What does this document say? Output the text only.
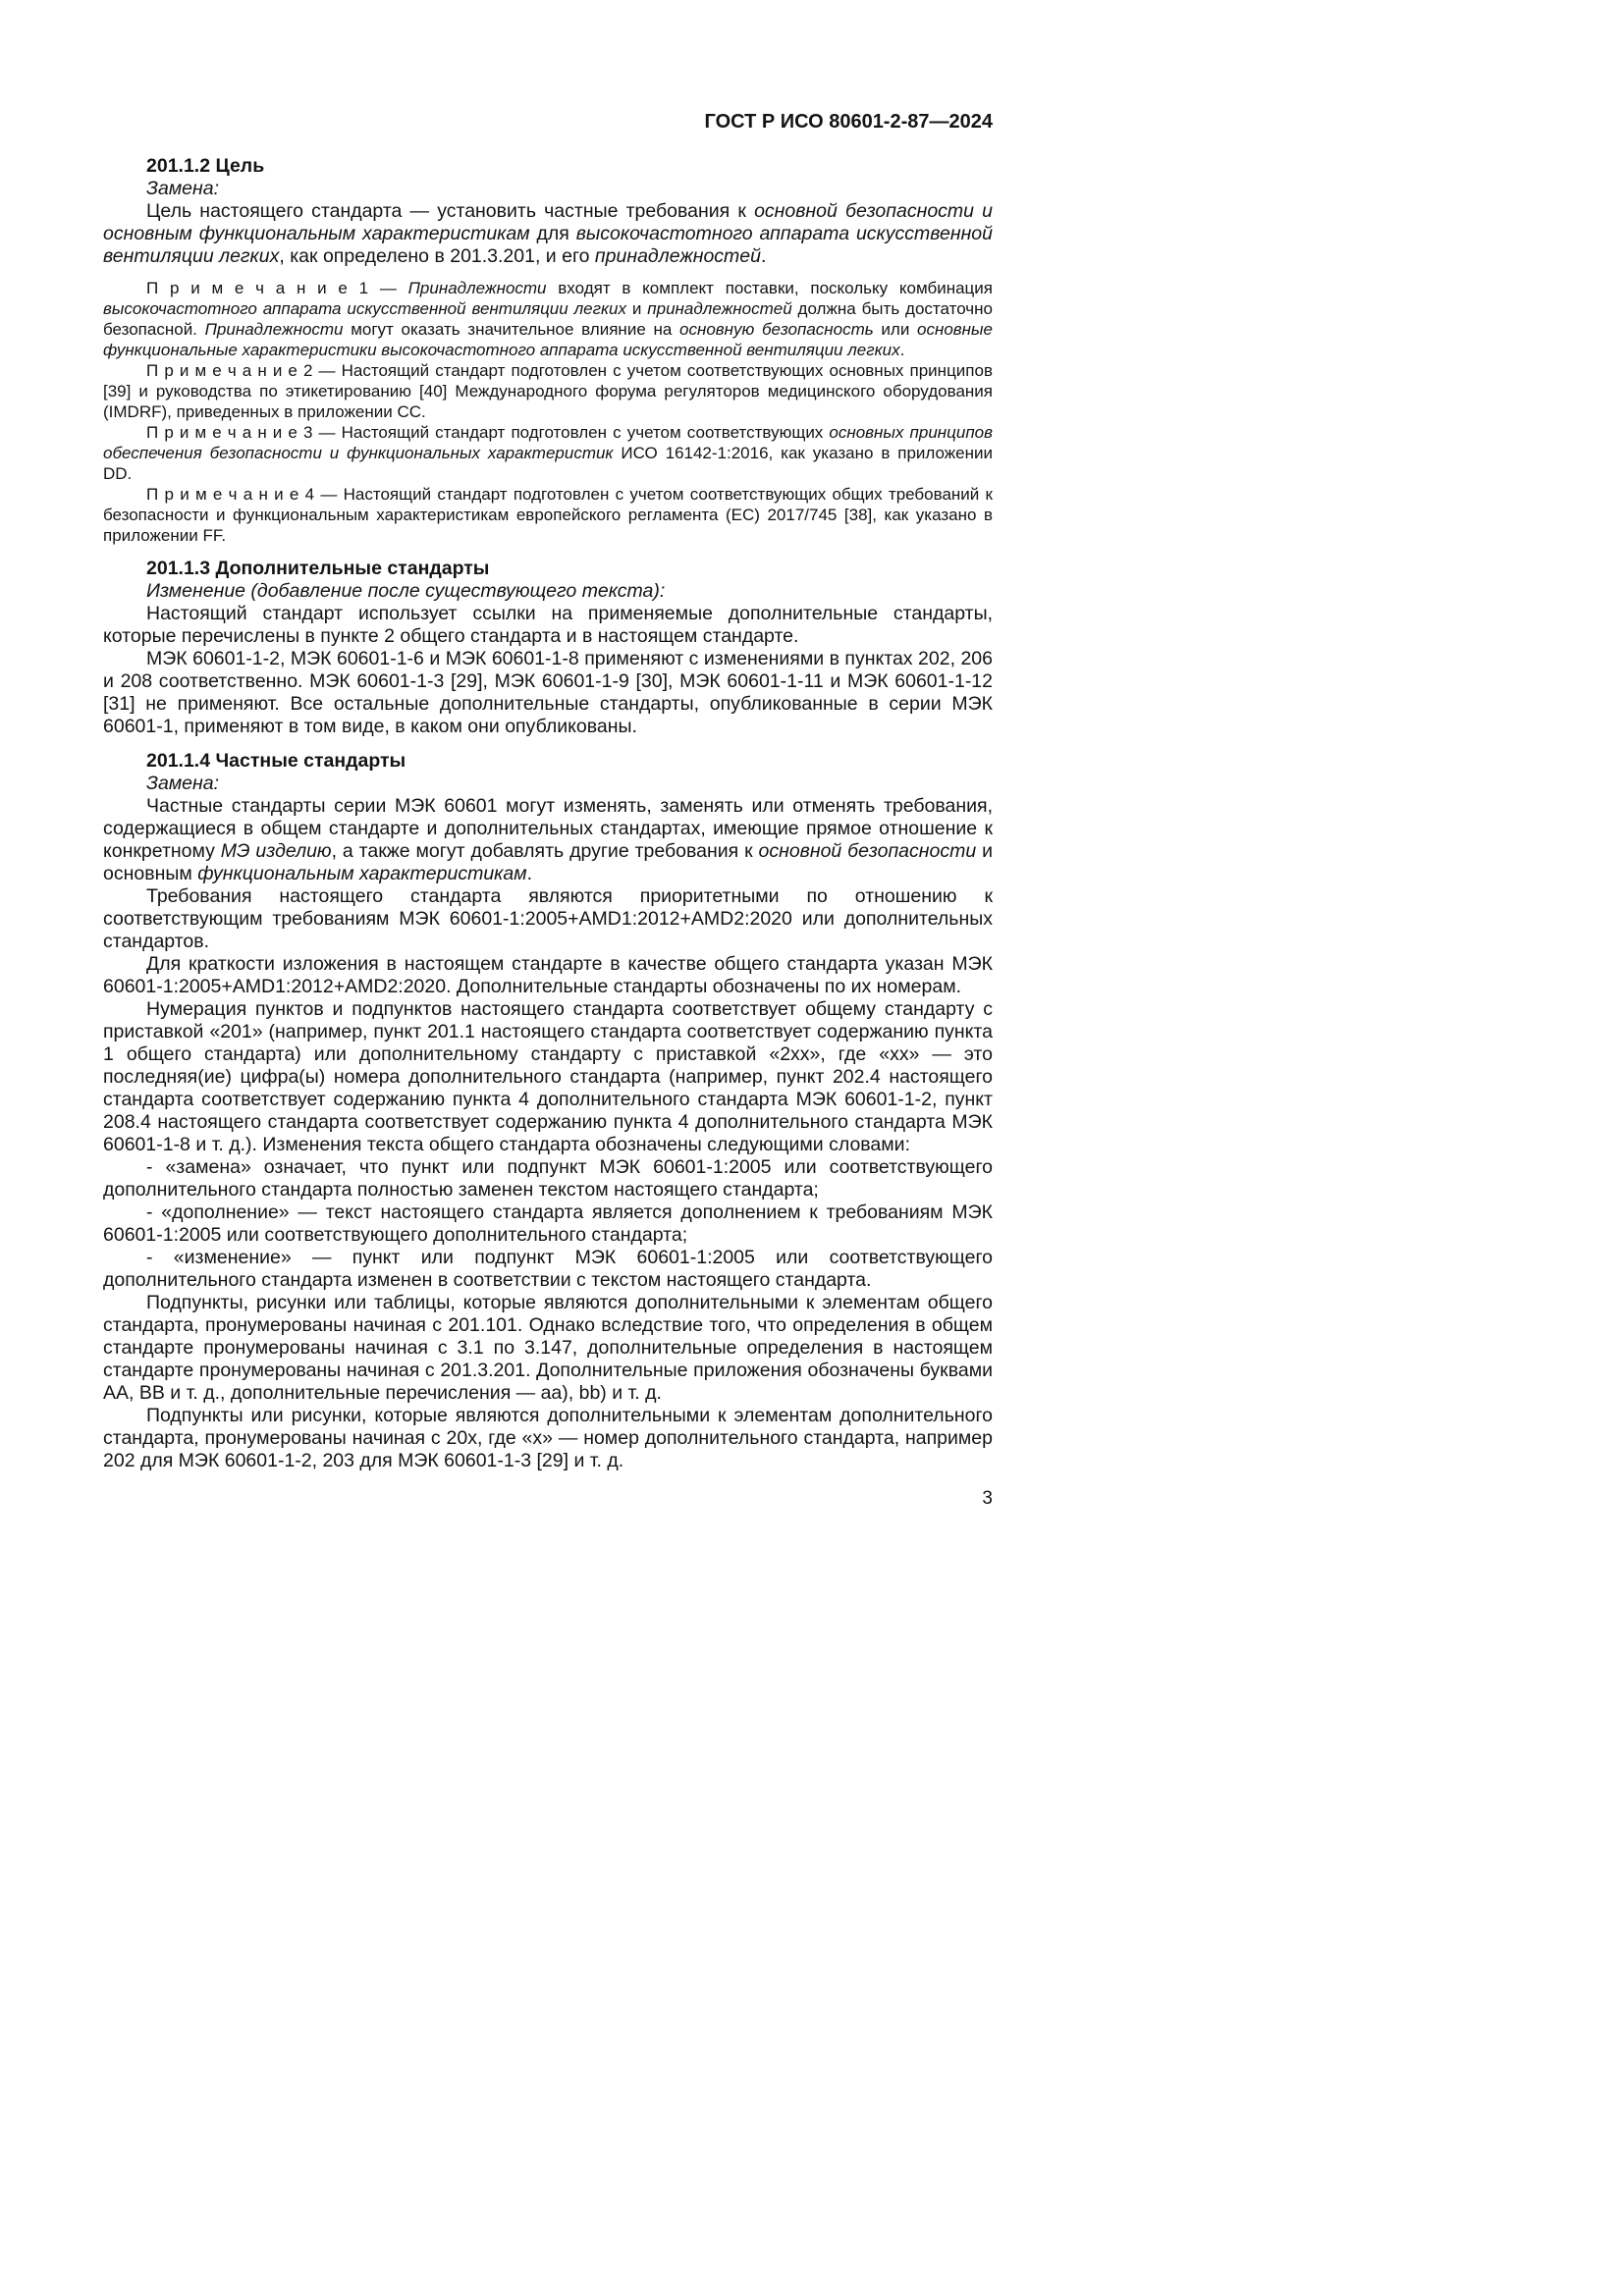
ГОСТ Р ИСО 80601-2-87—2024

201.1.2 Цель

Замена:

Цель настоящего стандарта — установить частные требования к основной безопасности и основным функциональным характеристикам для высокочастотного аппарата искусственной вентиляции легких, как определено в 201.3.201, и его принадлежностей.

П р и м е ч а н и е 1 — Принадлежности входят в комплект поставки, поскольку комбинация высокочастотного аппарата искусственной вентиляции легких и принадлежностей должна быть достаточно безопасной. Принадлежности могут оказать значительное влияние на основную безопасность или основные функциональные характеристики высокочастотного аппарата искусственной вентиляции легких.

П р и м е ч а н и е 2 — Настоящий стандарт подготовлен с учетом соответствующих основных принципов [39] и руководства по этикетированию [40] Международного форума регуляторов медицинского оборудования (IMDRF), приведенных в приложении CC.

П р и м е ч а н и е 3 — Настоящий стандарт подготовлен с учетом соответствующих основных принципов обеспечения безопасности и функциональных характеристик ИСО 16142-1:2016, как указано в приложении DD.

П р и м е ч а н и е 4 — Настоящий стандарт подготовлен с учетом соответствующих общих требований к безопасности и функциональным характеристикам европейского регламента (ЕС) 2017/745 [38], как указано в приложении FF.

201.1.3 Дополнительные стандарты

Изменение (добавление после существующего текста):

Настоящий стандарт использует ссылки на применяемые дополнительные стандарты, которые перечислены в пункте 2 общего стандарта и в настоящем стандарте.

МЭК 60601-1-2, МЭК 60601-1-6 и МЭК 60601-1-8 применяют с изменениями в пунктах 202, 206 и 208 соответственно. МЭК 60601-1-3 [29], МЭК 60601-1-9 [30], МЭК 60601-1-11 и МЭК 60601-1-12 [31] не применяют. Все остальные дополнительные стандарты, опубликованные в серии МЭК 60601-1, применяют в том виде, в каком они опубликованы.

201.1.4 Частные стандарты

Замена:

Частные стандарты серии МЭК 60601 могут изменять, заменять или отменять требования, содержащиеся в общем стандарте и дополнительных стандартах, имеющие прямое отношение к конкретному МЭ изделию, а также могут добавлять другие требования к основной безопасности и основным функциональным характеристикам.

Требования настоящего стандарта являются приоритетными по отношению к соответствующим требованиям МЭК 60601-1:2005+AMD1:2012+AMD2:2020 или дополнительных стандартов.

Для краткости изложения в настоящем стандарте в качестве общего стандарта указан МЭК 60601-1:2005+AMD1:2012+AMD2:2020. Дополнительные стандарты обозначены по их номерам.

Нумерация пунктов и подпунктов настоящего стандарта соответствует общему стандарту с приставкой «201» (например, пункт 201.1 настоящего стандарта соответствует содержанию пункта 1 общего стандарта) или дополнительному стандарту с приставкой «2хх», где «хх» — это последняя(ие) цифра(ы) номера дополнительного стандарта (например, пункт 202.4 настоящего стандарта соответствует содержанию пункта 4 дополнительного стандарта МЭК 60601-1-2, пункт 208.4 настоящего стандарта соответствует содержанию пункта 4 дополнительного стандарта МЭК 60601-1-8 и т. д.). Изменения текста общего стандарта обозначены следующими словами:

- «замена» означает, что пункт или подпункт МЭК 60601-1:2005 или соответствующего дополнительного стандарта полностью заменен текстом настоящего стандарта;

- «дополнение» — текст настоящего стандарта является дополнением к требованиям МЭК 60601-1:2005 или соответствующего дополнительного стандарта;

- «изменение» — пункт или подпункт МЭК 60601-1:2005 или соответствующего дополнительного стандарта изменен в соответствии с текстом настоящего стандарта.

Подпункты, рисунки или таблицы, которые являются дополнительными к элементам общего стандарта, пронумерованы начиная с 201.101. Однако вследствие того, что определения в общем стандарте пронумерованы начиная с 3.1 по 3.147, дополнительные определения в настоящем стандарте пронумерованы начиная с 201.3.201. Дополнительные приложения обозначены буквами AA, BB и т. д., дополнительные перечисления — aa), bb) и т. д.

Подпункты или рисунки, которые являются дополнительными к элементам дополнительного стандарта, пронумерованы начиная с 20x, где «x» — номер дополнительного стандарта, например 202 для МЭК 60601-1-2, 203 для МЭК 60601-1-3 [29] и т. д.

3
